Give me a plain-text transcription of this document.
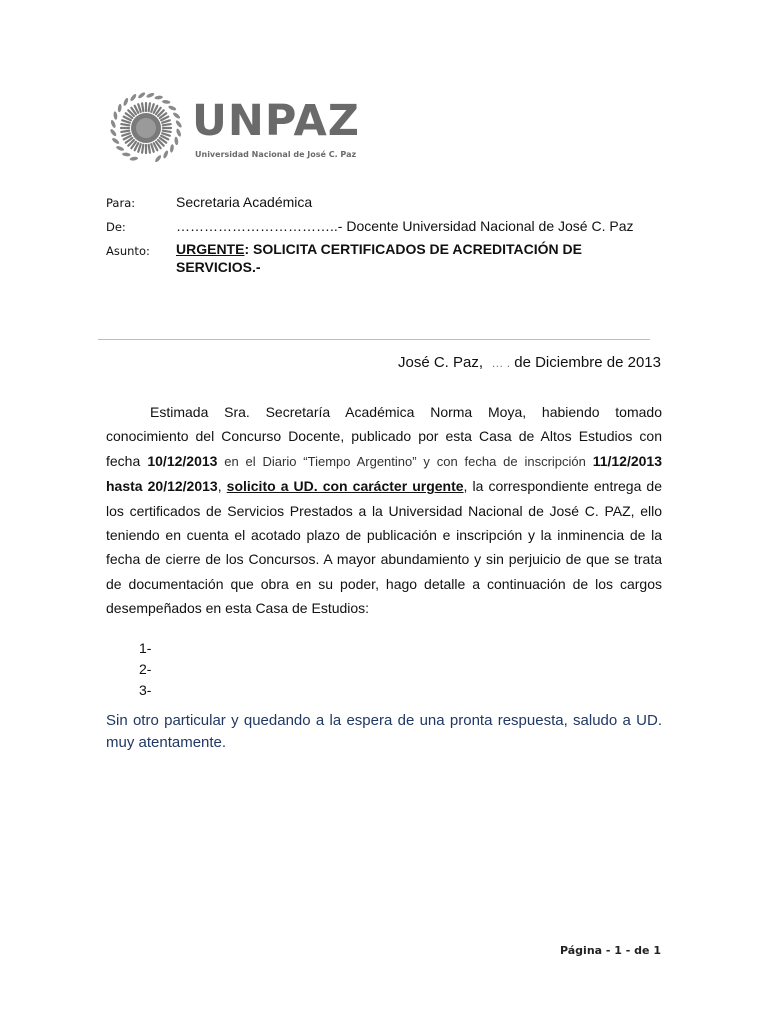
UNPAZ
Universidad Nacional de José C. Paz
Para:	Secretaria Académica
De:	……………………………..- Docente Universidad Nacional de José C. Paz
Asunto: URGENTE: SOLICITA CERTIFICADOS DE ACREDITACIÓN DE SERVICIOS.-
José C. Paz, … . de Diciembre de 2013

Estimada Sra. Secretaría Académica Norma Moya, habiendo tomado conocimiento del Concurso Docente, publicado por esta Casa de Altos Estudios con fecha 10/12/2013 en el Diario “Tiempo Argentino” y con fecha de inscripción 11/12/2013 hasta 20/12/2013, solicito a UD. con carácter urgente, la correspondiente entrega de los certificados de Servicios Prestados a la Universidad Nacional de José C. PAZ, ello teniendo en cuenta el acotado plazo de publicación e inscripción y la inminencia de la fecha de cierre de los Concursos. A mayor abundamiento y sin perjuicio de que se trata de documentación que obra en su poder, hago detalle a continuación de los cargos desempeñados en esta Casa de Estudios:

1-
2-
3-
Sin otro particular y quedando a la espera de una pronta respuesta, saludo a UD. muy atentamente.
Página - 1 - de 1
